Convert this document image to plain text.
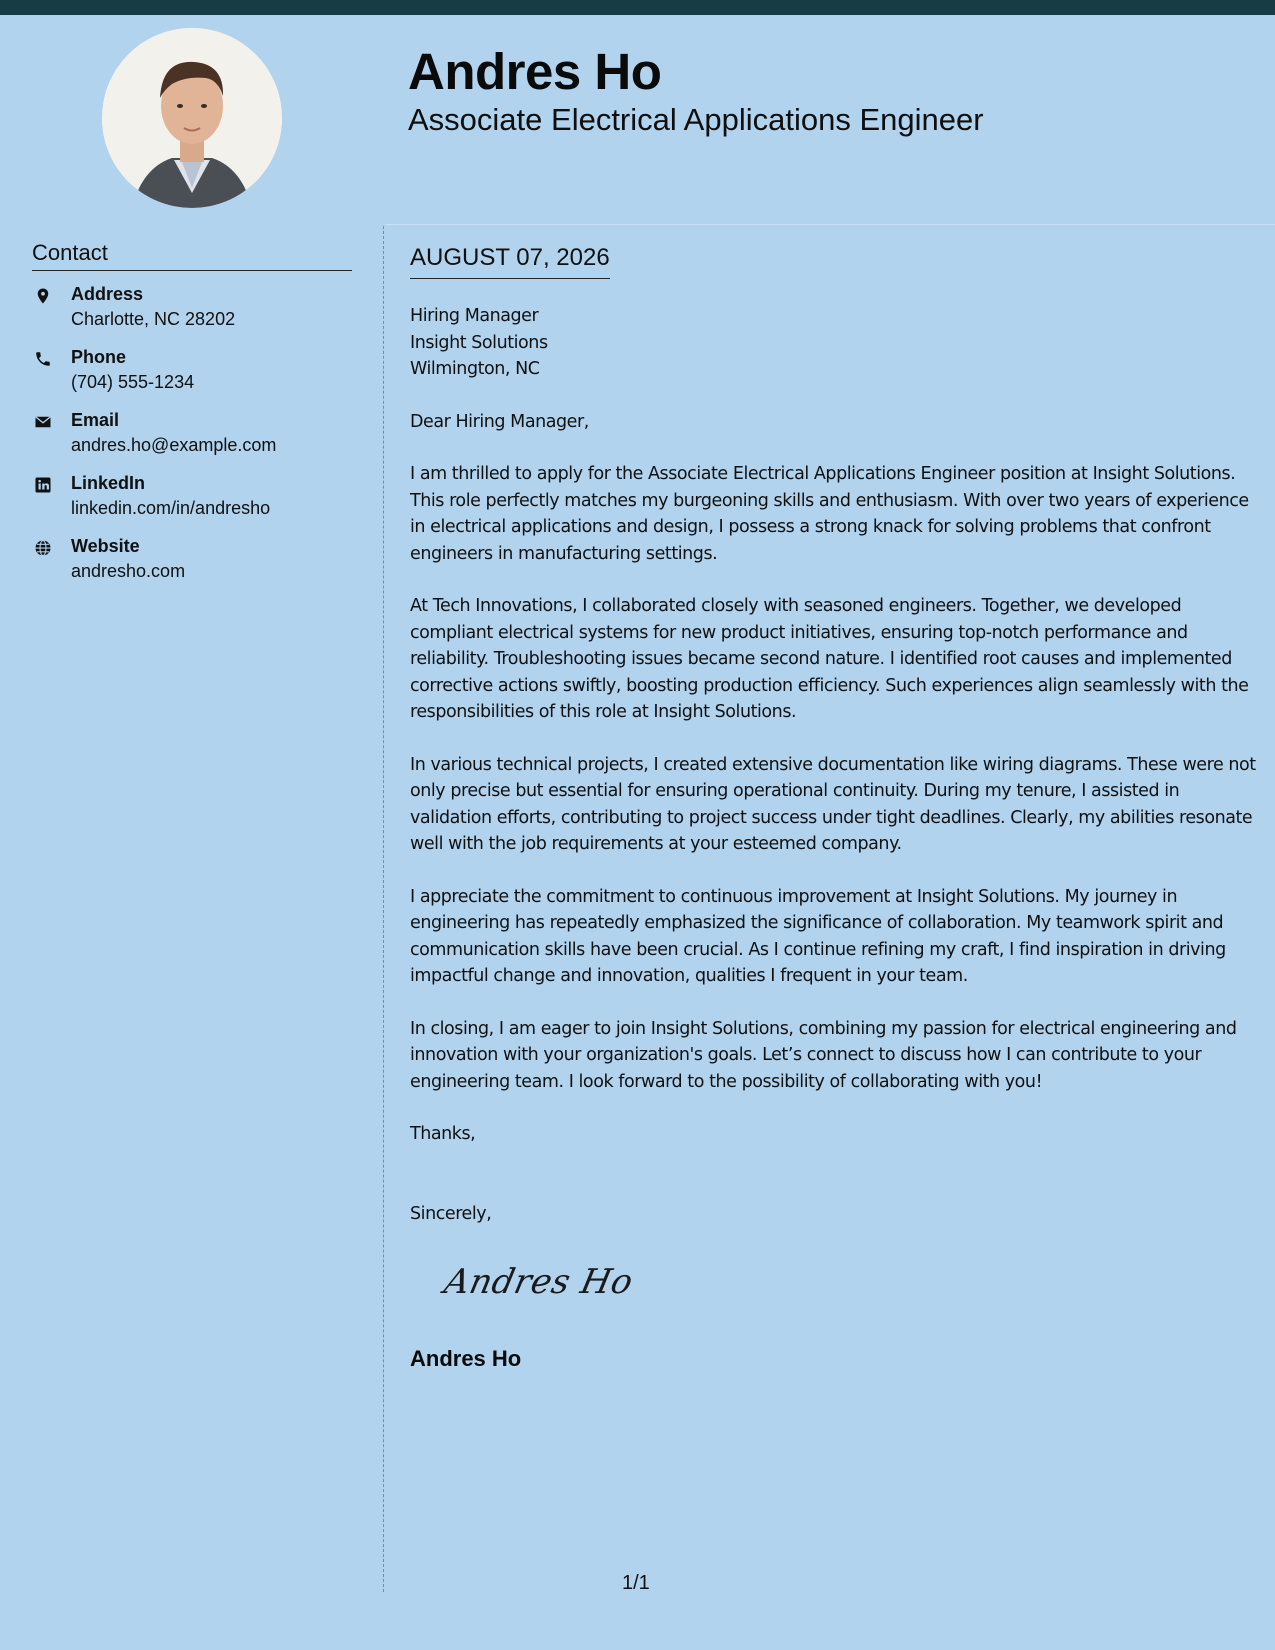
Andres Ho
Associate Electrical Applications Engineer
Contact
Address
Charlotte, NC 28202
Phone
(704) 555-1234
Email
andres.ho@example.com
LinkedIn
linkedin.com/in/andresho
Website
andresho.com
AUGUST 07, 2026
Hiring Manager
Insight Solutions
Wilmington, NC
Dear Hiring Manager,

I am thrilled to apply for the Associate Electrical Applications Engineer position at Insight Solutions. This role perfectly matches my burgeoning skills and enthusiasm. With over two years of experience in electrical applications and design, I possess a strong knack for solving problems that confront engineers in manufacturing settings.

At Tech Innovations, I collaborated closely with seasoned engineers. Together, we developed compliant electrical systems for new product initiatives, ensuring top-notch performance and reliability. Troubleshooting issues became second nature. I identified root causes and implemented corrective actions swiftly, boosting production efficiency. Such experiences align seamlessly with the responsibilities of this role at Insight Solutions.

In various technical projects, I created extensive documentation like wiring diagrams. These were not only precise but essential for ensuring operational continuity. During my tenure, I assisted in validation efforts, contributing to project success under tight deadlines. Clearly, my abilities resonate well with the job requirements at your esteemed company.

I appreciate the commitment to continuous improvement at Insight Solutions. My journey in engineering has repeatedly emphasized the significance of collaboration. My teamwork spirit and communication skills have been crucial. As I continue refining my craft, I find inspiration in driving impactful change and innovation, qualities I frequent in your team.

In closing, I am eager to join Insight Solutions, combining my passion for electrical engineering and innovation with your organization's goals. Let’s connect to discuss how I can contribute to your engineering team. I look forward to the possibility of collaborating with you!

Thanks,
Sincerely,
Andres Ho
Andres Ho
1/1
